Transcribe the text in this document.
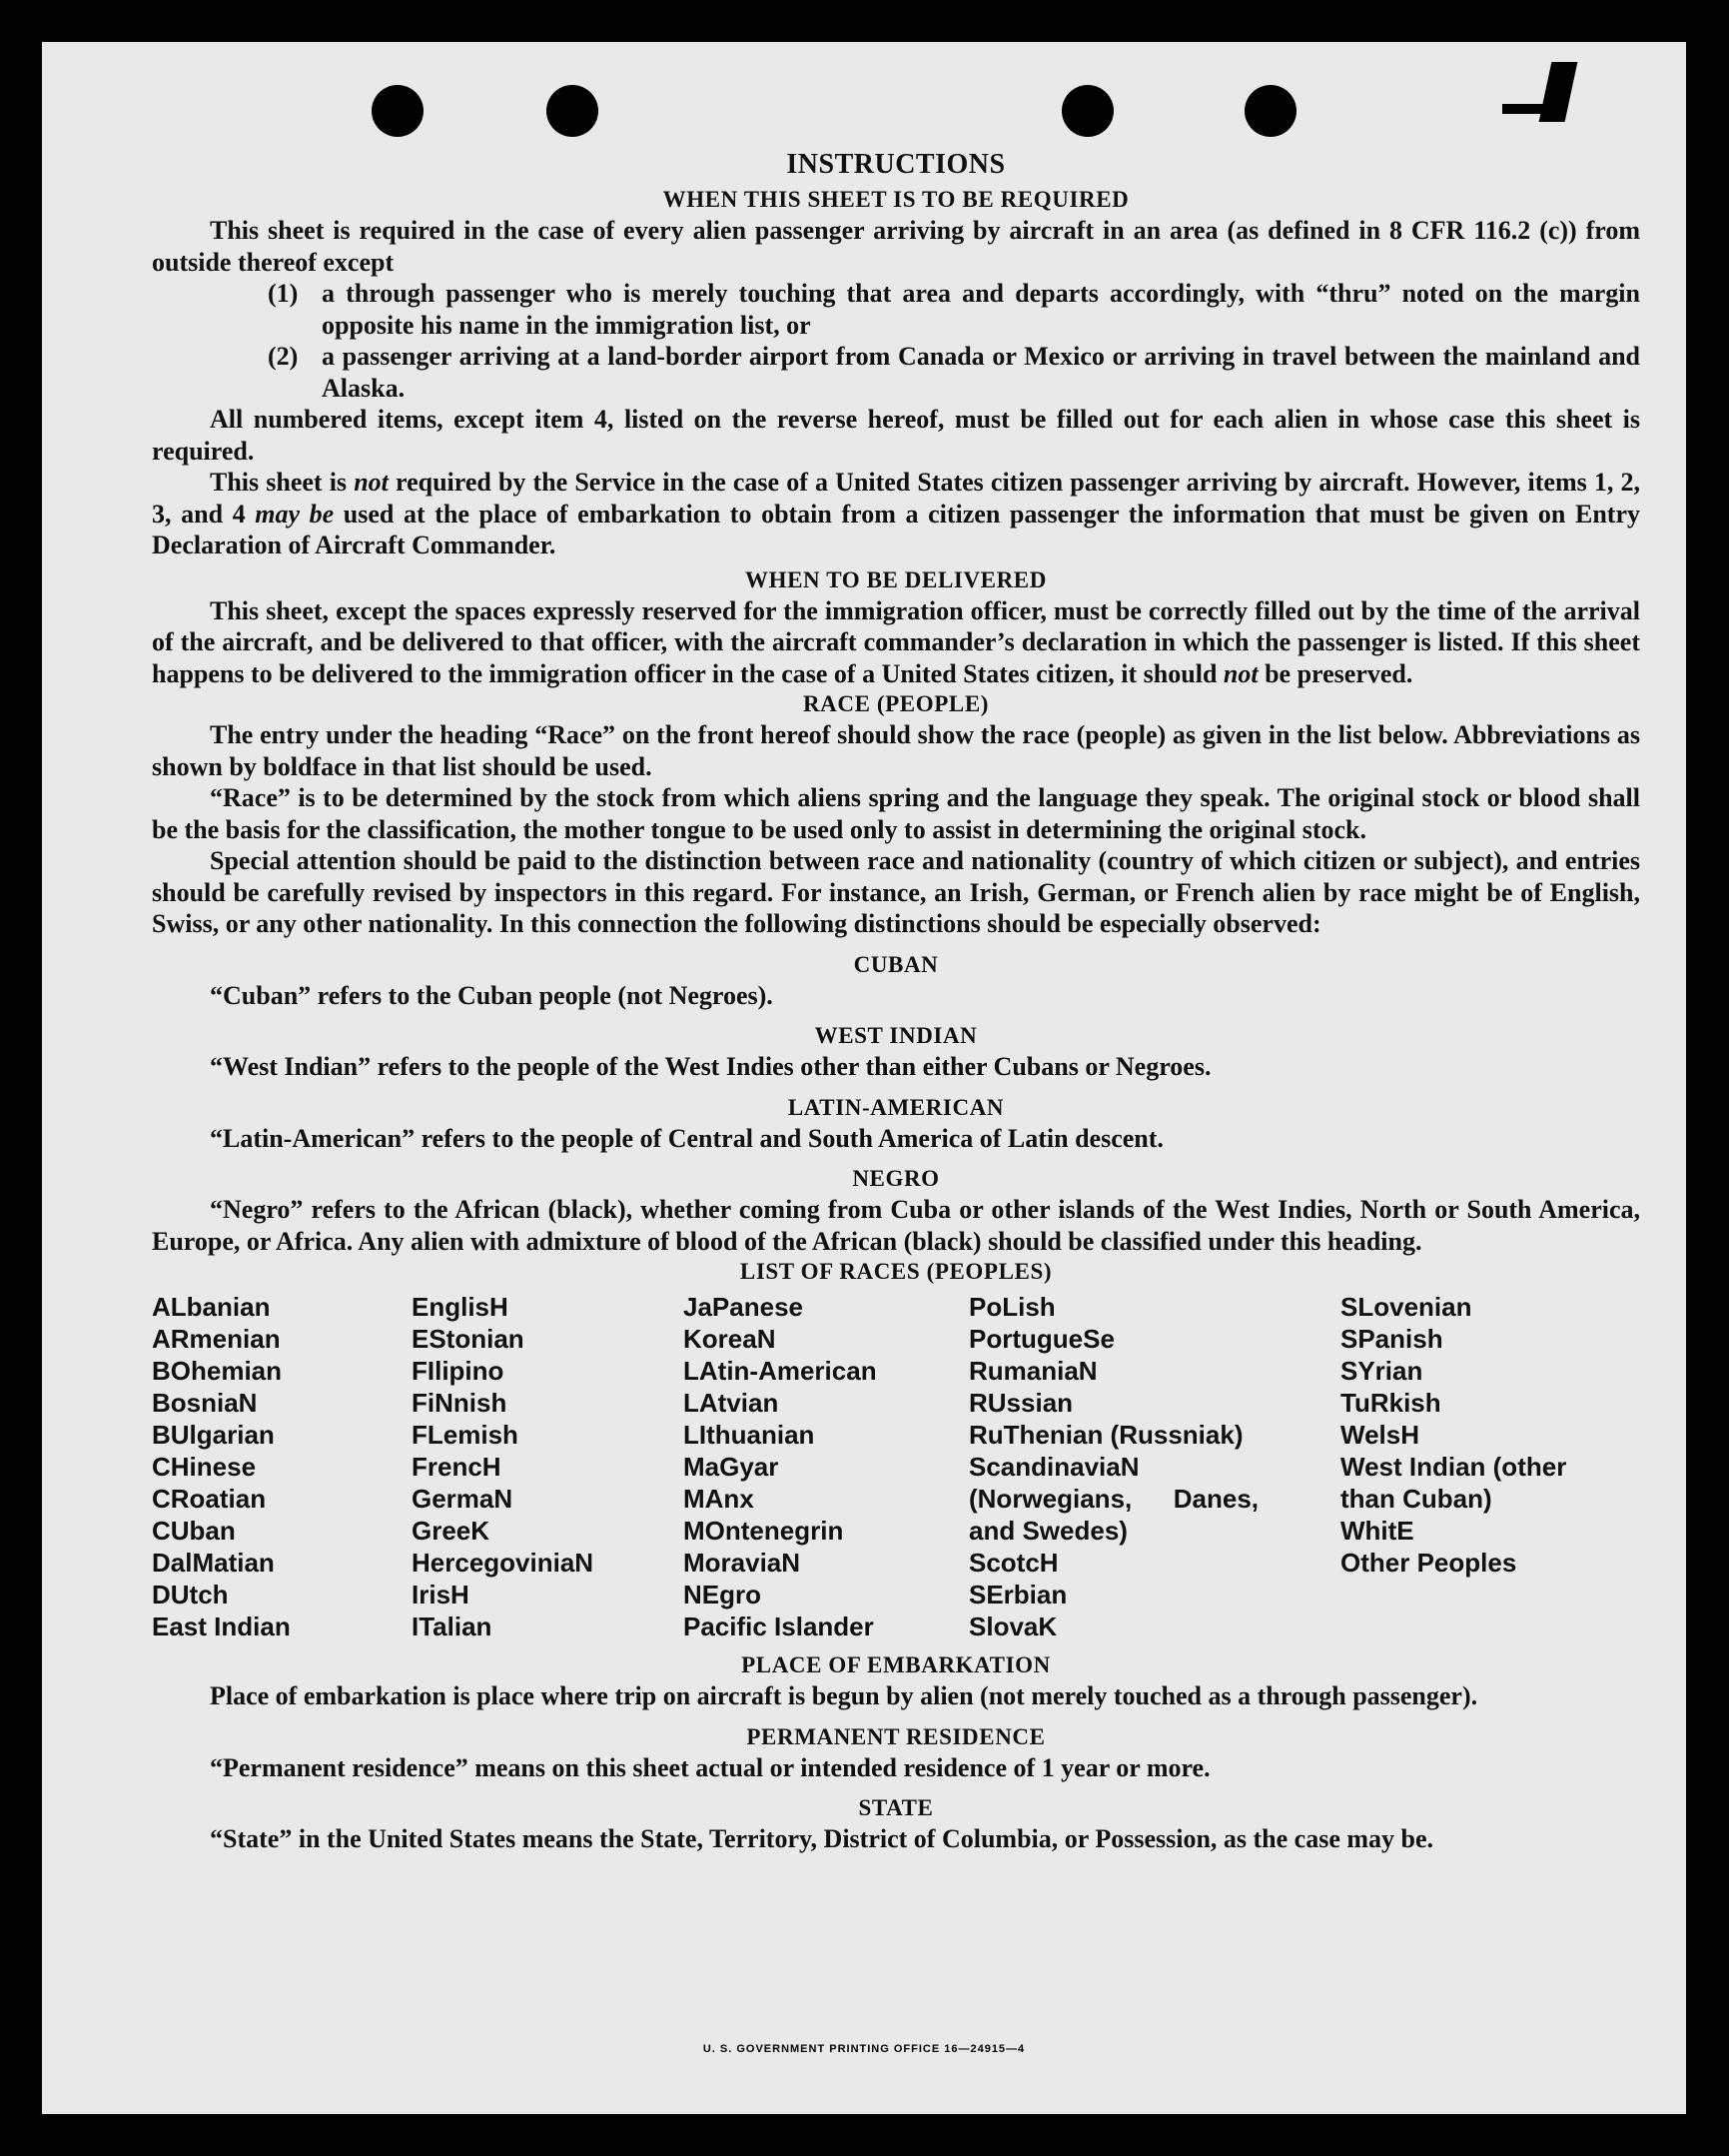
INSTRUCTIONS
WHEN THIS SHEET IS TO BE REQUIRED

This sheet is required in the case of every alien passenger arriving by aircraft in an area (as defined in 8 CFR 116.2 (c)) from outside thereof except

(1) a through passenger who is merely touching that area and departs accordingly, with “thru” noted on the margin opposite his name in the immigration list, or
(2) a passenger arriving at a land-border airport from Canada or Mexico or arriving in travel between the mainland and Alaska.

All numbered items, except item 4, listed on the reverse hereof, must be filled out for each alien in whose case this sheet is required.

This sheet is not required by the Service in the case of a United States citizen passenger arriving by aircraft. However, items 1, 2, 3, and 4 may be used at the place of embarkation to obtain from a citizen passenger the information that must be given on Entry Declaration of Aircraft Commander.

WHEN TO BE DELIVERED

This sheet, except the spaces expressly reserved for the immigration officer, must be correctly filled out by the time of the arrival of the aircraft, and be delivered to that officer, with the aircraft commander’s declaration in which the passenger is listed. If this sheet happens to be delivered to the immigration officer in the case of a United States citizen, it should not be preserved.

RACE (PEOPLE)

The entry under the heading “Race” on the front hereof should show the race (people) as given in the list below. Abbreviations as shown by boldface in that list should be used.

“Race” is to be determined by the stock from which aliens spring and the language they speak. The original stock or blood shall be the basis for the classification, the mother tongue to be used only to assist in determining the original stock.

Special attention should be paid to the distinction between race and nationality (country of which citizen or subject), and entries should be carefully revised by inspectors in this regard. For instance, an Irish, German, or French alien by race might be of English, Swiss, or any other nationality. In this connection the following distinctions should be especially observed:

CUBAN

“Cuban” refers to the Cuban people (not Negroes).

WEST INDIAN

“West Indian” refers to the people of the West Indies other than either Cubans or Negroes.

LATIN-AMERICAN

“Latin-American” refers to the people of Central and South America of Latin descent.

NEGRO

“Negro” refers to the African (black), whether coming from Cuba or other islands of the West Indies, North or South America, Europe, or Africa. Any alien with admixture of blood of the African (black) should be classified under this heading.

LIST OF RACES (PEOPLES)
ALbanian
ARmenian
BOhemian
BosniaN
BUlgarian
CHinese
CRoatian
CUban
DalMatian
DUtch
East Indian
EnglisH
EStonian
FIlipino
FiNnish
FLemish
FrencH
GermaN
GreeK
HercegoviniaN
IrisH
ITalian
JaPanese
KoreaN
LAtin-American
LAtvian
LIthuanian
MaGyar
MAnx
MOntenegrin
MoraviaN
NEgro
Pacific Islander
PoLish
PortugueSe
RumaniaN
RUssian
RuThenian (Russniak)
ScandinaviaN (Norwegians, Danes, and Swedes)
ScotcH
SErbian
SlovaK
SLovenian
SPanish
SYrian
TuRkish
WelsH
West Indian (other than Cuban)
WhitE
Other Peoples
PLACE OF EMBARKATION

Place of embarkation is place where trip on aircraft is begun by alien (not merely touched as a through passenger).

PERMANENT RESIDENCE

“Permanent residence” means on this sheet actual or intended residence of 1 year or more.

STATE

“State” in the United States means the State, Territory, District of Columbia, or Possession, as the case may be.

U. S. GOVERNMENT PRINTING OFFICE 16—24915—4
